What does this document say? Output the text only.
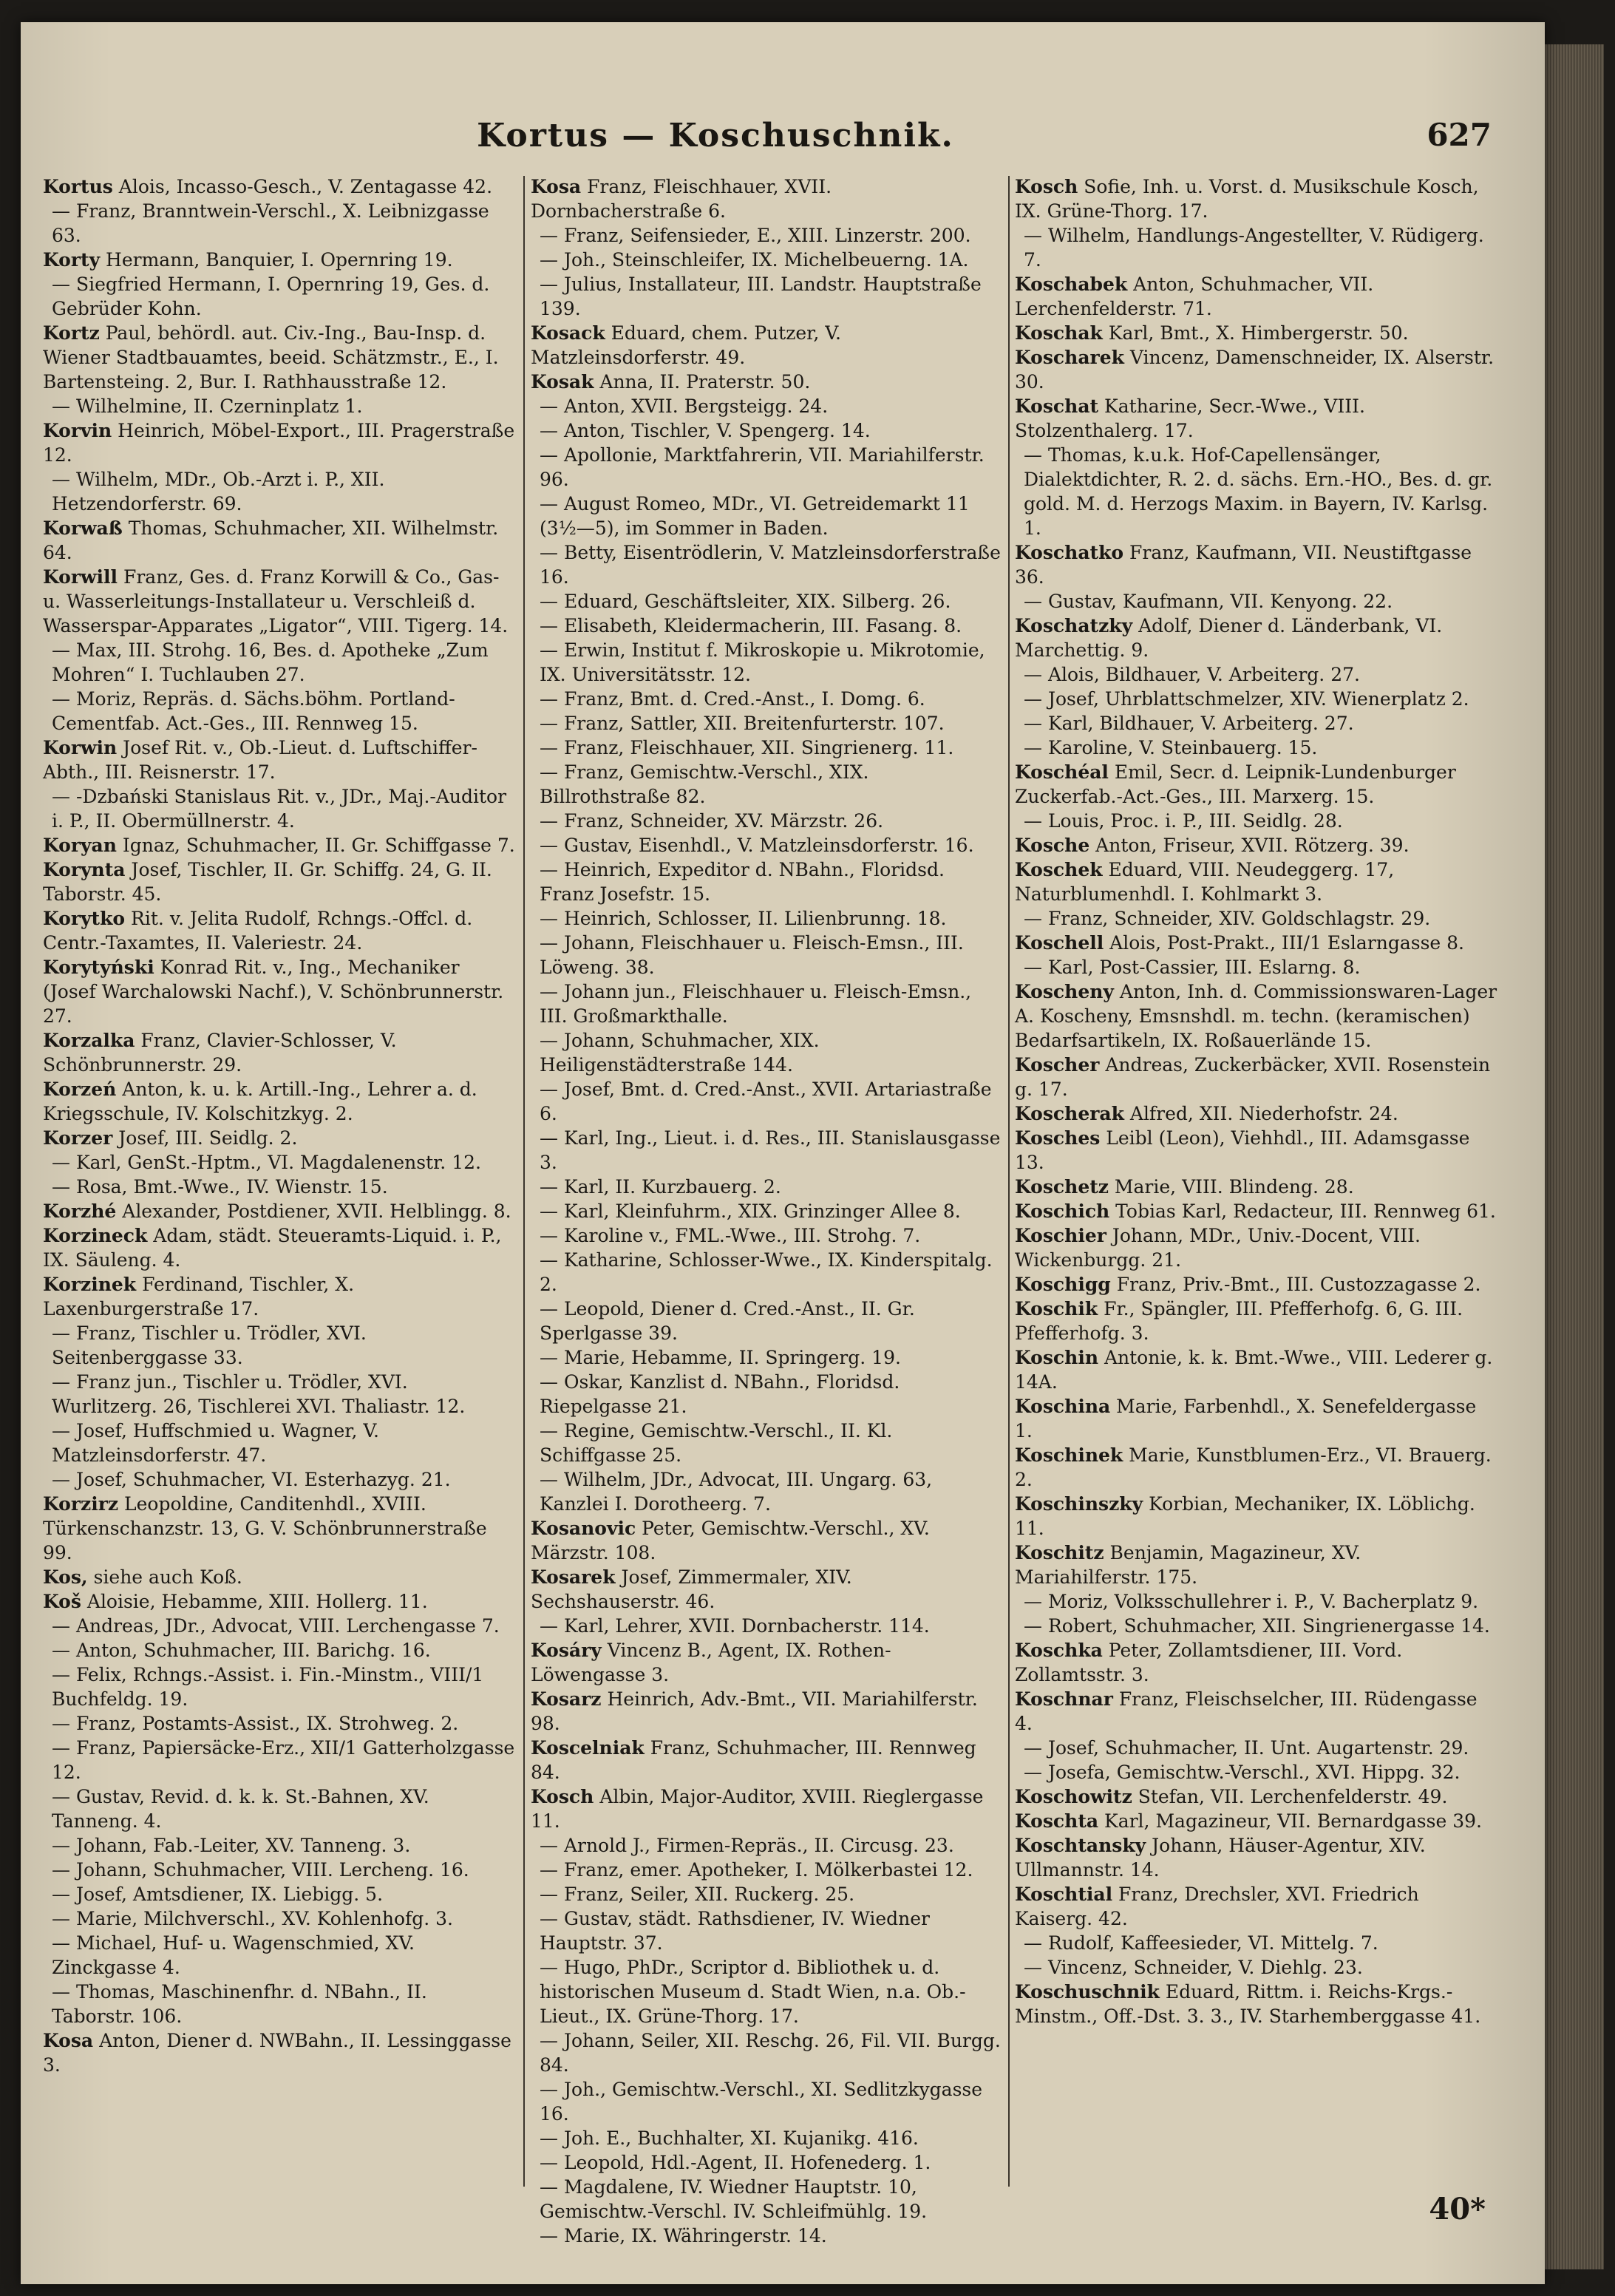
Kortus — Koschuschnik.	627

Kortus Alois, Incasso-Gesch., V. Zentagasse 42.

— Franz, Branntwein-Verschl., X. Leibnizgasse 63.

Korty Hermann, Banquier, I. Opernring 19.

— Siegfried Hermann, I. Opernring 19, Ges. d. Gebrüder Kohn.

Kortz Paul, behördl. aut. Civ.-Ing., Bau-Insp. d. Wiener Stadtbauamtes, beeid. Schätzmstr., E., I. Bartensteing. 2, Bur. I. Rathhausstraße 12.

— Wilhelmine, II. Czerninplatz 1.

Korvin Heinrich, Möbel-Export., III. Pragerstraße 12.

— Wilhelm, MDr., Ob.-Arzt i. P., XII. Hetzendorferstr. 69.

Korwaß Thomas, Schuhmacher, XII. Wilhelmstr. 64.

Korwill Franz, Ges. d. Franz Korwill & Co., Gas- u. Wasserleitungs-Installateur u. Verschleiß d. Wasserspar-Apparates „Ligator“, VIII. Tigerg. 14.

— Max, III. Strohg. 16, Bes. d. Apotheke „Zum Mohren“ I. Tuchlauben 27.

— Moriz, Repräs. d. Sächs.böhm. Portland-Cementfab. Act.-Ges., III. Rennweg 15.

Korwin Josef Rit. v., Ob.-Lieut. d. Luftschiffer-Abth., III. Reisnerstr. 17.

— -Dzbański Stanislaus Rit. v., JDr., Maj.-Auditor i. P., II. Obermüllnerstr. 4.

Koryan Ignaz, Schuhmacher, II. Gr. Schiffgasse 7.

Korynta Josef, Tischler, II. Gr. Schiffg. 24, G. II. Taborstr. 45.

Korytko Rit. v. Jelita Rudolf, Rchngs.-Offcl. d. Centr.-Taxamtes, II. Valeriestr. 24.

Korytyński Konrad Rit. v., Ing., Mechaniker (Josef Warchalowski Nachf.), V. Schönbrunnerstr. 27.

Korzalka Franz, Clavier-Schlosser, V. Schönbrunnerstr. 29.

Korzeń Anton, k. u. k. Artill.-Ing., Lehrer a. d. Kriegsschule, IV. Kolschitzkyg. 2.

Korzer Josef, III. Seidlg. 2.

— Karl, GenSt.-Hptm., VI. Magdalenenstr. 12.

— Rosa, Bmt.-Wwe., IV. Wienstr. 15.

Korzhé Alexander, Postdiener, XVII. Helblingg. 8.

Korzineck Adam, städt. Steueramts-Liquid. i. P., IX. Säuleng. 4.

Korzinek Ferdinand, Tischler, X. Laxenburgerstraße 17.

— Franz, Tischler u. Trödler, XVI. Seitenberggasse 33.

— Franz jun., Tischler u. Trödler, XVI. Wurlitzerg. 26, Tischlerei XVI. Thaliastr. 12.

— Josef, Huffschmied u. Wagner, V. Matzleinsdorferstr. 47.

— Josef, Schuhmacher, VI. Esterhazyg. 21.

Korzirz Leopoldine, Canditenhdl., XVIII. Türkenschanzstr. 13, G. V. Schönbrunnerstraße 99.

Kos, siehe auch Koß.

Koš Aloisie, Hebamme, XIII. Hollerg. 11.

— Andreas, JDr., Advocat, VIII. Lerchengasse 7.

— Anton, Schuhmacher, III. Barichg. 16.

— Felix, Rchngs.-Assist. i. Fin.-Minstm., VIII/1 Buchfeldg. 19.

— Franz, Postamts-Assist., IX. Strohweg. 2.

— Franz, Papiersäcke-Erz., XII/1 Gatterholzgasse 12.

— Gustav, Revid. d. k. k. St.-Bahnen, XV. Tanneng. 4.

— Johann, Fab.-Leiter, XV. Tanneng. 3.

— Johann, Schuhmacher, VIII. Lercheng. 16.

— Josef, Amtsdiener, IX. Liebigg. 5.

— Marie, Milchverschl., XV. Kohlenhofg. 3.

— Michael, Huf- u. Wagenschmied, XV. Zinckgasse 4.

— Thomas, Maschinenfhr. d. NBahn., II. Taborstr. 106.

Kosa Anton, Diener d. NWBahn., II. Lessinggasse 3.

Kosa Franz, Fleischhauer, XVII. Dornbacherstraße 6.

— Franz, Seifensieder, E., XIII. Linzerstr. 200.

— Joh., Steinschleifer, IX. Michelbeuerng. 1A.

— Julius, Installateur, III. Landstr. Hauptstraße 139.

Kosack Eduard, chem. Putzer, V. Matzleinsdorferstr. 49.

Kosak Anna, II. Praterstr. 50.

— Anton, XVII. Bergsteigg. 24.

— Anton, Tischler, V. Spengerg. 14.

— Apollonie, Marktfahrerin, VII. Mariahilferstr. 96.

— August Romeo, MDr., VI. Getreidemarkt 11 (3½—5), im Sommer in Baden.

— Betty, Eisentrödlerin, V. Matzleinsdorferstraße 16.

— Eduard, Geschäftsleiter, XIX. Silberg. 26.

— Elisabeth, Kleidermacherin, III. Fasang. 8.

— Erwin, Institut f. Mikroskopie u. Mikrotomie, IX. Universitätsstr. 12.

— Franz, Bmt. d. Cred.-Anst., I. Domg. 6.

— Franz, Sattler, XII. Breitenfurterstr. 107.

— Franz, Fleischhauer, XII. Singrienerg. 11.

— Franz, Gemischtw.-Verschl., XIX. Billrothstraße 82.

— Franz, Schneider, XV. Märzstr. 26.

— Gustav, Eisenhdl., V. Matzleinsdorferstr. 16.

— Heinrich, Expeditor d. NBahn., Floridsd. Franz Josefstr. 15.

— Heinrich, Schlosser, II. Lilienbrunng. 18.

— Johann, Fleischhauer u. Fleisch-Emsn., III. Löweng. 38.

— Johann jun., Fleischhauer u. Fleisch-Emsn., III. Großmarkthalle.

— Johann, Schuhmacher, XIX. Heiligenstädterstraße 144.

— Josef, Bmt. d. Cred.-Anst., XVII. Artariastraße 6.

— Karl, Ing., Lieut. i. d. Res., III. Stanislausgasse 3.

— Karl, II. Kurzbauerg. 2.

— Karl, Kleinfuhrm., XIX. Grinzinger Allee 8.

— Karoline v., FML.-Wwe., III. Strohg. 7.

— Katharine, Schlosser-Wwe., IX. Kinderspitalg. 2.

— Leopold, Diener d. Cred.-Anst., II. Gr. Sperlgasse 39.

— Marie, Hebamme, II. Springerg. 19.

— Oskar, Kanzlist d. NBahn., Floridsd. Riepelgasse 21.

— Regine, Gemischtw.-Verschl., II. Kl. Schiffgasse 25.

— Wilhelm, JDr., Advocat, III. Ungarg. 63, Kanzlei I. Dorotheerg. 7.

Kosanovic Peter, Gemischtw.-Verschl., XV. Märzstr. 108.

Kosarek Josef, Zimmermaler, XIV. Sechshauserstr. 46.

— Karl, Lehrer, XVII. Dornbacherstr. 114.

Kosáry Vincenz B., Agent, IX. Rothen-Löwengasse 3.

Kosarz Heinrich, Adv.-Bmt., VII. Mariahilferstr. 98.

Koscelniak Franz, Schuhmacher, III. Rennweg 84.

Kosch Albin, Major-Auditor, XVIII. Rieglergasse 11.

— Arnold J., Firmen-Repräs., II. Circusg. 23.

— Franz, emer. Apotheker, I. Mölkerbastei 12.

— Franz, Seiler, XII. Ruckerg. 25.

— Gustav, städt. Rathsdiener, IV. Wiedner Hauptstr. 37.

— Hugo, PhDr., Scriptor d. Bibliothek u. d. historischen Museum d. Stadt Wien, n.a. Ob.-Lieut., IX. Grüne-Thorg. 17.

— Johann, Seiler, XII. Reschg. 26, Fil. VII. Burgg. 84.

— Joh., Gemischtw.-Verschl., XI. Sedlitzkygasse 16.

— Joh. E., Buchhalter, XI. Kujanikg. 416.

— Leopold, Hdl.-Agent, II. Hofenederg. 1.

— Magdalene, IV. Wiedner Hauptstr. 10, Gemischtw.-Verschl. IV. Schleifmühlg. 19.

— Marie, IX. Währingerstr. 14.

Kosch Sofie, Inh. u. Vorst. d. Musikschule Kosch, IX. Grüne-Thorg. 17.

— Wilhelm, Handlungs-Angestellter, V. Rüdigerg. 7.

Koschabek Anton, Schuhmacher, VII. Lerchenfelderstr. 71.

Koschak Karl, Bmt., X. Himbergerstr. 50.

Koscharek Vincenz, Damenschneider, IX. Alserstr. 30.

Koschat Katharine, Secr.-Wwe., VIII. Stolzenthalerg. 17.

— Thomas, k.u.k. Hof-Capellensänger, Dialektdichter, R. 2. d. sächs. Ern.-HO., Bes. d. gr. gold. M. d. Herzogs Maxim. in Bayern, IV. Karlsg. 1.

Koschatko Franz, Kaufmann, VII. Neustiftgasse 36.

— Gustav, Kaufmann, VII. Kenyong. 22.

Koschatzky Adolf, Diener d. Länderbank, VI. Marchettig. 9.

— Alois, Bildhauer, V. Arbeiterg. 27.

— Josef, Uhrblattschmelzer, XIV. Wienerplatz 2.

— Karl, Bildhauer, V. Arbeiterg. 27.

— Karoline, V. Steinbauerg. 15.

Koschéal Emil, Secr. d. Leipnik-Lundenburger Zuckerfab.-Act.-Ges., III. Marxerg. 15.

— Louis, Proc. i. P., III. Seidlg. 28.

Kosche Anton, Friseur, XVII. Rötzerg. 39.

Koschek Eduard, VIII. Neudeggerg. 17, Naturblumenhdl. I. Kohlmarkt 3.

— Franz, Schneider, XIV. Goldschlagstr. 29.

Koschell Alois, Post-Prakt., III/1 Eslarngasse 8.

— Karl, Post-Cassier, III. Eslarng. 8.

Koscheny Anton, Inh. d. Commissionswaren-Lager A. Koscheny, Emsnshdl. m. techn. (keramischen) Bedarfsartikeln, IX. Roßauerlände 15.

Koscher Andreas, Zuckerbäcker, XVII. Rosenstein g. 17.

Koscherak Alfred, XII. Niederhofstr. 24.

Kosches Leibl (Leon), Viehhdl., III. Adamsgasse 13.

Koschetz Marie, VIII. Blindeng. 28.

Koschich Tobias Karl, Redacteur, III. Rennweg 61.

Koschier Johann, MDr., Univ.-Docent, VIII. Wickenburgg. 21.

Koschigg Franz, Priv.-Bmt., III. Custozzagasse 2.

Koschik Fr., Spängler, III. Pfefferhofg. 6, G. III. Pfefferhofg. 3.

Koschin Antonie, k. k. Bmt.-Wwe., VIII. Lederer g. 14A.

Koschina Marie, Farbenhdl., X. Senefeldergasse 1.

Koschinek Marie, Kunstblumen-Erz., VI. Brauerg. 2.

Koschinszky Korbian, Mechaniker, IX. Löblichg. 11.

Koschitz Benjamin, Magazineur, XV. Mariahilferstr. 175.

— Moriz, Volksschullehrer i. P., V. Bacherplatz 9.

— Robert, Schuhmacher, XII. Singrienergasse 14.

Koschka Peter, Zollamtsdiener, III. Vord. Zollamtsstr. 3.

Koschnar Franz, Fleischselcher, III. Rüdengasse 4.

— Josef, Schuhmacher, II. Unt. Augartenstr. 29.

— Josefa, Gemischtw.-Verschl., XVI. Hippg. 32.

Koschowitz Stefan, VII. Lerchenfelderstr. 49.

Koschta Karl, Magazineur, VII. Bernardgasse 39.

Koschtansky Johann, Häuser-Agentur, XIV. Ullmannstr. 14.

Koschtial Franz, Drechsler, XVI. Friedrich Kaiserg. 42.

— Rudolf, Kaffeesieder, VI. Mittelg. 7.

— Vincenz, Schneider, V. Diehlg. 23.

Koschuschnik Eduard, Rittm. i. Reichs-Krgs.-Minstm., Off.-Dst. 3. 3., IV. Starhemberggasse 41.

40*
